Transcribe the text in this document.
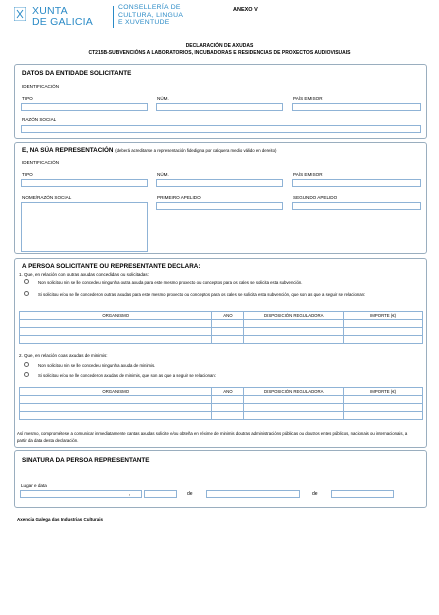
XUNTA
DE GALICIA
CONSELLERÍA DE
CULTURA, LINGUA
E XUVENTUDE
ANEXO V
DECLARACIÓN DE AXUDAS
CT215B-SUBVENCIÓNS A LABORATORIOS, INCUBADORAS E RESIDENCIAS DE PROXECTOS AUDIOVISUAIS
DATOS DA ENTIDADE SOLICITANTE
IDENTIFICACIÓN
TIPO	NÚM.	PAÍS EMISOR
RAZÓN SOCIAL
E, NA SÚA REPRESENTACIÓN (deberá acreditarse a representación fidedigna por calquera medio válido en dereito)
IDENTIFICACIÓN
TIPO	NÚM.	PAÍS EMISOR
NOME/RAZÓN SOCIAL	PRIMEIRO APELIDO	SEGUNDO APELIDO
A PERSOA SOLICITANTE OU REPRESENTANTE DECLARA:
1. Que, en relación con outras axudas concedidas ou solicitadas:
Non solicitou nin se lle concedeu ningunha outra axuda para este mesmo proxecto ou conceptos para os cales se solicita esta subvención.
Si solicitou e/ou se lle concederon outras axudas para este mesmo proxecto ou conceptos para os cales se solicita esta subvención, que son as que a seguir se relacionan:
ORGANISMO	ANO	DISPOSICIÓN REGULADORA	IMPORTE (€)

2. Que, en relación coas axudas de minimis:
Non solicitou nin se lle concedeu ningunha axuda de minimis.
Si solicitou e/ou se lle concederon axudas de minimis, que son as que a seguir se relacionan:
ORGANISMO	ANO	DISPOSICIÓN REGULADORA	IMPORTE (€)

Así mesmo, comprométese a comunicar inmediatamente cantas axudas solicite e/ou obteña en réxime de minimis doutras administracións públicas ou doutros entes públicos, nacionais ou internacionais, a partir da data desta declaración.
SINATURA DA PERSOA REPRESENTANTE
Lugar e data
,	de	de
Axencia Galega das Industrias Culturais
